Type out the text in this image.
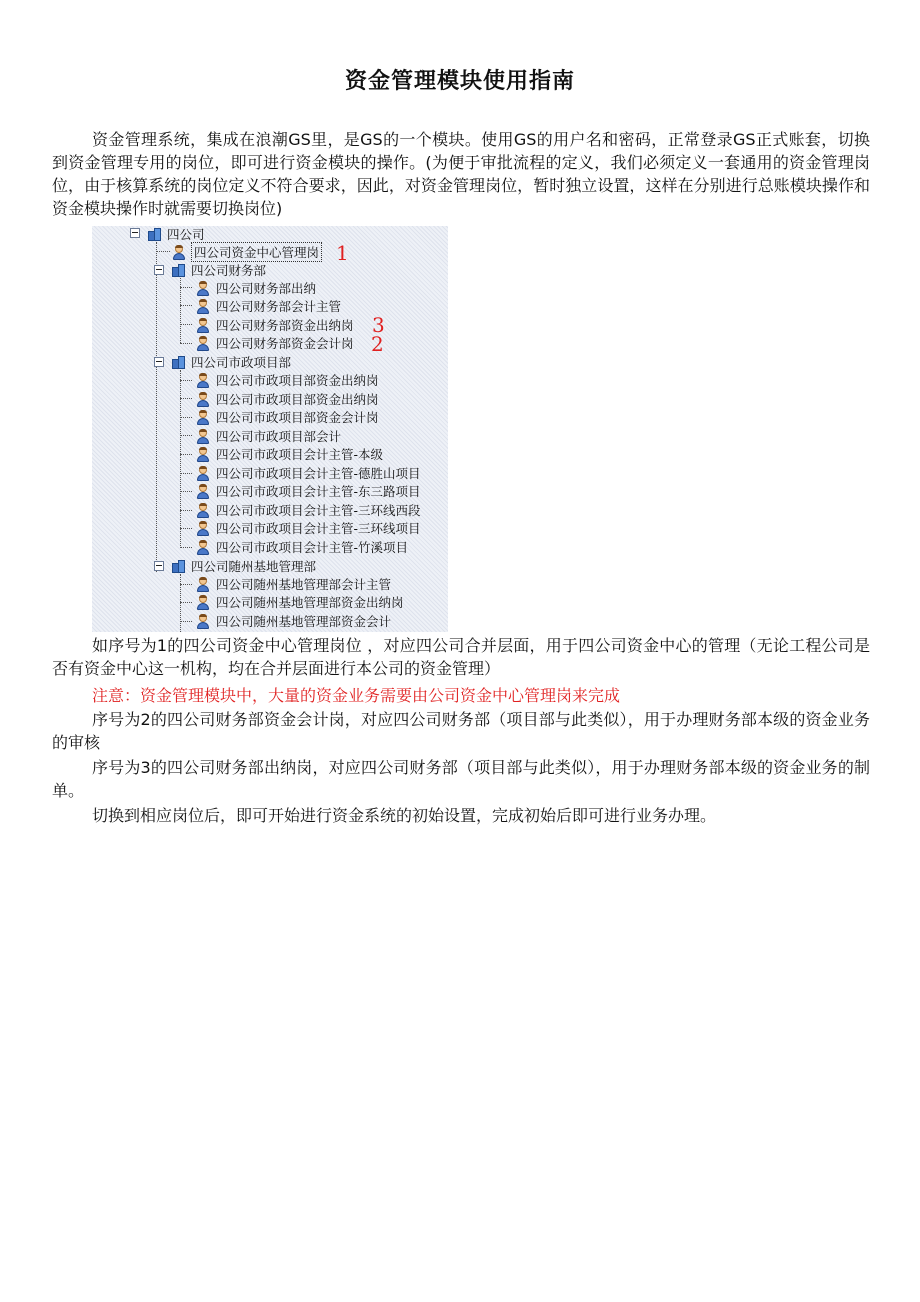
资金管理模块使用指南
资金管理系统，集成在浪潮GS里，是GS的一个模块。使用GS的用户名和密码，正常登录GS正式账套，切换到资金管理专用的岗位，即可进行资金模块的操作。(为便于审批流程的定义，我们必须定义一套通用的资金管理岗位，由于核算系统的岗位定义不符合要求，因此，对资金管理岗位，暂时独立设置，这样在分别进行总账模块操作和资金模块操作时就需要切换岗位)
四公司
四公司资金中心管理岗 1
四公司财务部
四公司财务部出纳
四公司财务部会计主管
四公司财务部资金出纳岗 3
四公司财务部资金会计岗 2
四公司市政项目部
四公司市政项目部资金出纳岗
四公司市政项目部资金出纳岗
四公司市政项目部资金会计岗
四公司市政项目部会计
四公司市政项目会计主管-本级
四公司市政项目会计主管-德胜山项目
四公司市政项目会计主管-东三路项目
四公司市政项目会计主管-三环线西段
四公司市政项目会计主管-三环线项目
四公司市政项目会计主管-竹溪项目
四公司随州基地管理部
四公司随州基地管理部会计主管
四公司随州基地管理部资金出纳岗
四公司随州基地管理部资金会计
如序号为1的四公司资金中心管理岗位 ，对应四公司合并层面，用于四公司资金中心的管理（无论工程公司是否有资金中心这一机构，均在合并层面进行本公司的资金管理）
注意：资金管理模块中，大量的资金业务需要由公司资金中心管理岗来完成
序号为2的四公司财务部资金会计岗，对应四公司财务部（项目部与此类似），用于办理财务部本级的资金业务的审核
序号为3的四公司财务部出纳岗，对应四公司财务部（项目部与此类似），用于办理财务部本级的资金业务的制单。
切换到相应岗位后，即可开始进行资金系统的初始设置，完成初始后即可进行业务办理。
